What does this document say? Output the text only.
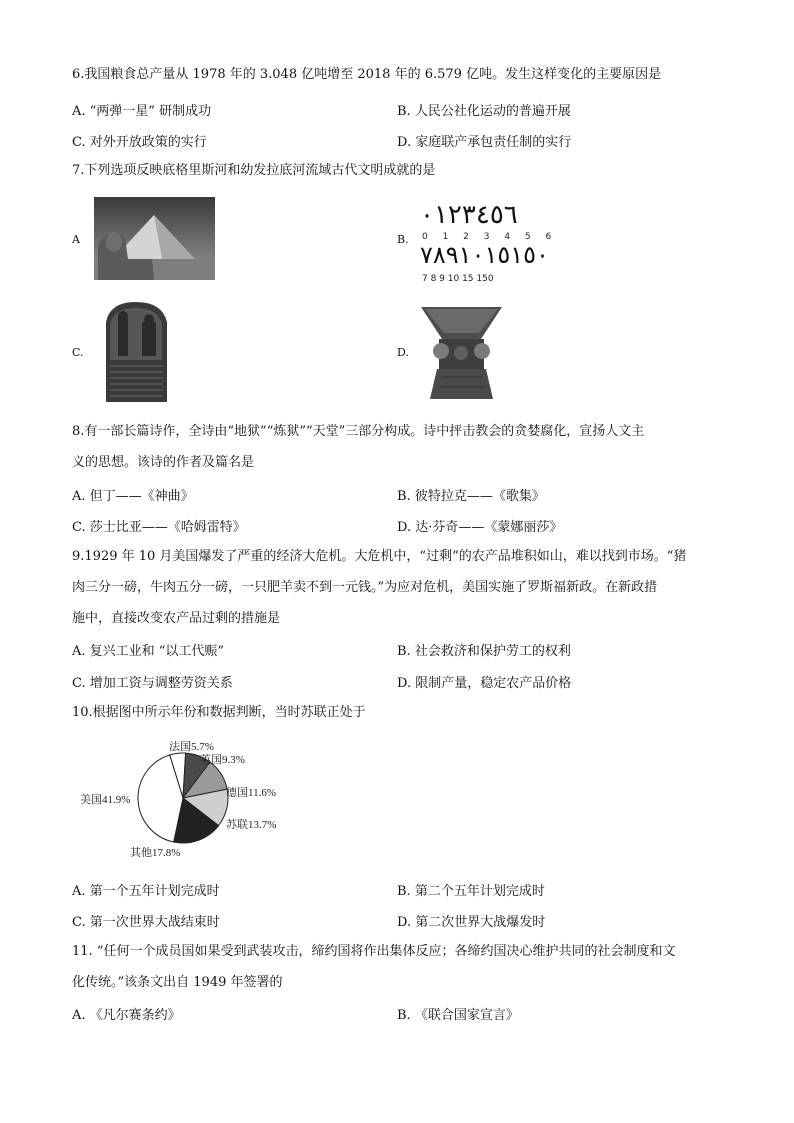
6.我国粮食总产量从 1978 年的 3.048 亿吨增至 2018 年的 6.579 亿吨。发生这样变化的主要原因是
A. “两弹一星” 研制成功	B. 人民公社化运动的普遍开展
C. 对外开放政策的实行	D. 家庭联产承包责任制的实行
7.下列选项反映底格里斯河和幼发拉底河流域古代文明成就的是
A	B.
٠١٢٣٤٥٦
0 1 2 3 4 5 6
٧٨٩١٠١٥١٥٠
7 8 9 10 15 150
C.	D.
8.有一部长篇诗作，全诗由“地狱”“炼狱”“天堂”三部分构成。诗中抨击教会的贪婪腐化，宣扬人文主
义的思想。该诗的作者及篇名是
A. 但丁——《神曲》	B. 彼特拉克——《歌集》
C. 莎士比亚——《哈姆雷特》	D. 达·芬奇——《蒙娜丽莎》
9.1929 年 10 月美国爆发了严重的经济大危机。大危机中，“过剩”的农产品堆积如山，难以找到市场。“猪
肉三分一磅，牛肉五分一磅，一只肥羊卖不到一元钱。”为应对危机，美国实施了罗斯福新政。在新政措
施中，直接改变农产品过剩的措施是
A. 复兴工业和 “以工代赈”	B. 社会救济和保护劳工的权利
C. 增加工资与调整劳资关系	D. 限制产量，稳定农产品价格
10.根据图中所示年份和数据判断，当时苏联正处于
法国5.7%
英国9.3%
德国11.6%
苏联13.7%
其他17.8%
美国41.9%
A. 第一个五年计划完成时	B. 第二个五年计划完成时
C. 第一次世界大战结束时	D. 第二次世界大战爆发时
11. “任何一个成员国如果受到武装攻击，缔约国将作出集体反应；各缔约国决心维护共同的社会制度和文
化传统。”该条文出自 1949 年签署的
A. 《凡尔赛条约》	B. 《联合国家宣言》
